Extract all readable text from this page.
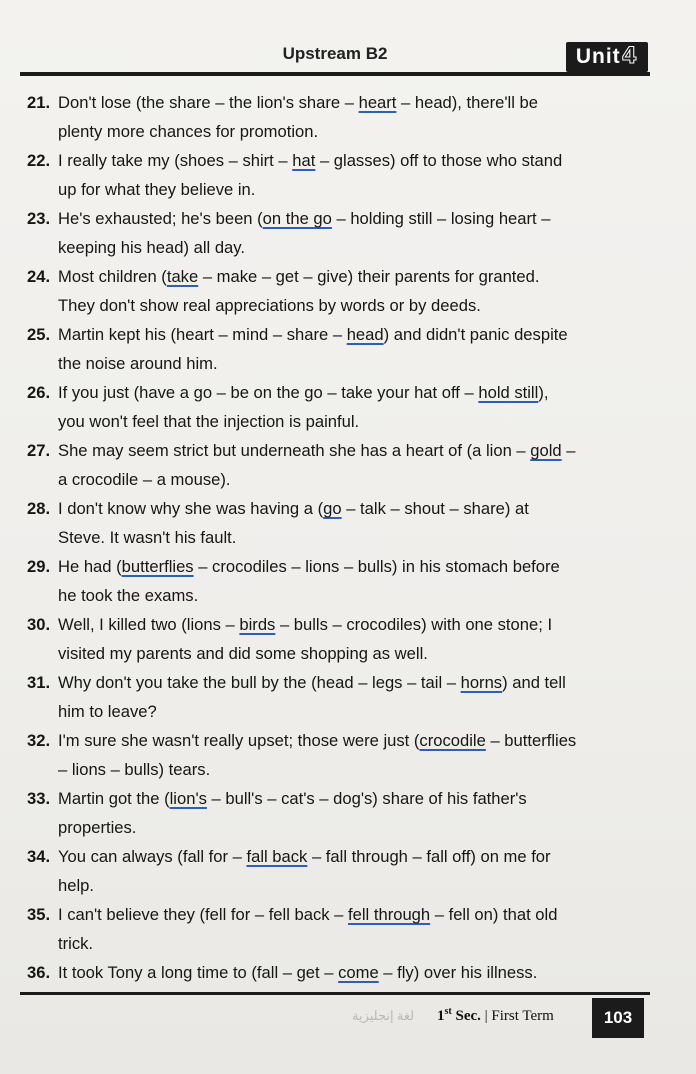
Upstream B2	Unit4
21. Don't lose (the share – the lion's share – heart – head), there'll be
plenty more chances for promotion.
22. I really take my (shoes – shirt – hat – glasses) off to those who stand
up for what they believe in.
23. He's exhausted; he's been (on the go – holding still – losing heart –
keeping his head) all day.
24. Most children (take – make – get – give) their parents for granted.
They don't show real appreciations by words or by deeds.
25. Martin kept his (heart – mind – share – head) and didn't panic despite
the noise around him.
26. If you just (have a go – be on the go – take your hat off – hold still),
you won't feel that the injection is painful.
27. She may seem strict but underneath she has a heart of (a lion – gold –
a crocodile – a mouse).
28. I don't know why she was having a (go – talk – shout – share) at
Steve. It wasn't his fault.
29. He had (butterflies – crocodiles – lions – bulls) in his stomach before
he took the exams.
30. Well, I killed two (lions – birds – bulls – crocodiles) with one stone; I
visited my parents and did some shopping as well.
31. Why don't you take the bull by the (head – legs – tail – horns) and tell
him to leave?
32. I'm sure she wasn't really upset; those were just (crocodile – butterflies
– lions – bulls) tears.
33. Martin got the (lion's – bull's – cat's – dog's) share of his father's
properties.
34. You can always (fall for – fall back – fall through – fall off) on me for
help.
35. I can't believe they (fell for – fell back – fell through – fell on) that old
trick.
36. It took Tony a long time to (fall – get – come – fly) over his illness.
لغة إنجليزية 1st Sec. | First Term	103
